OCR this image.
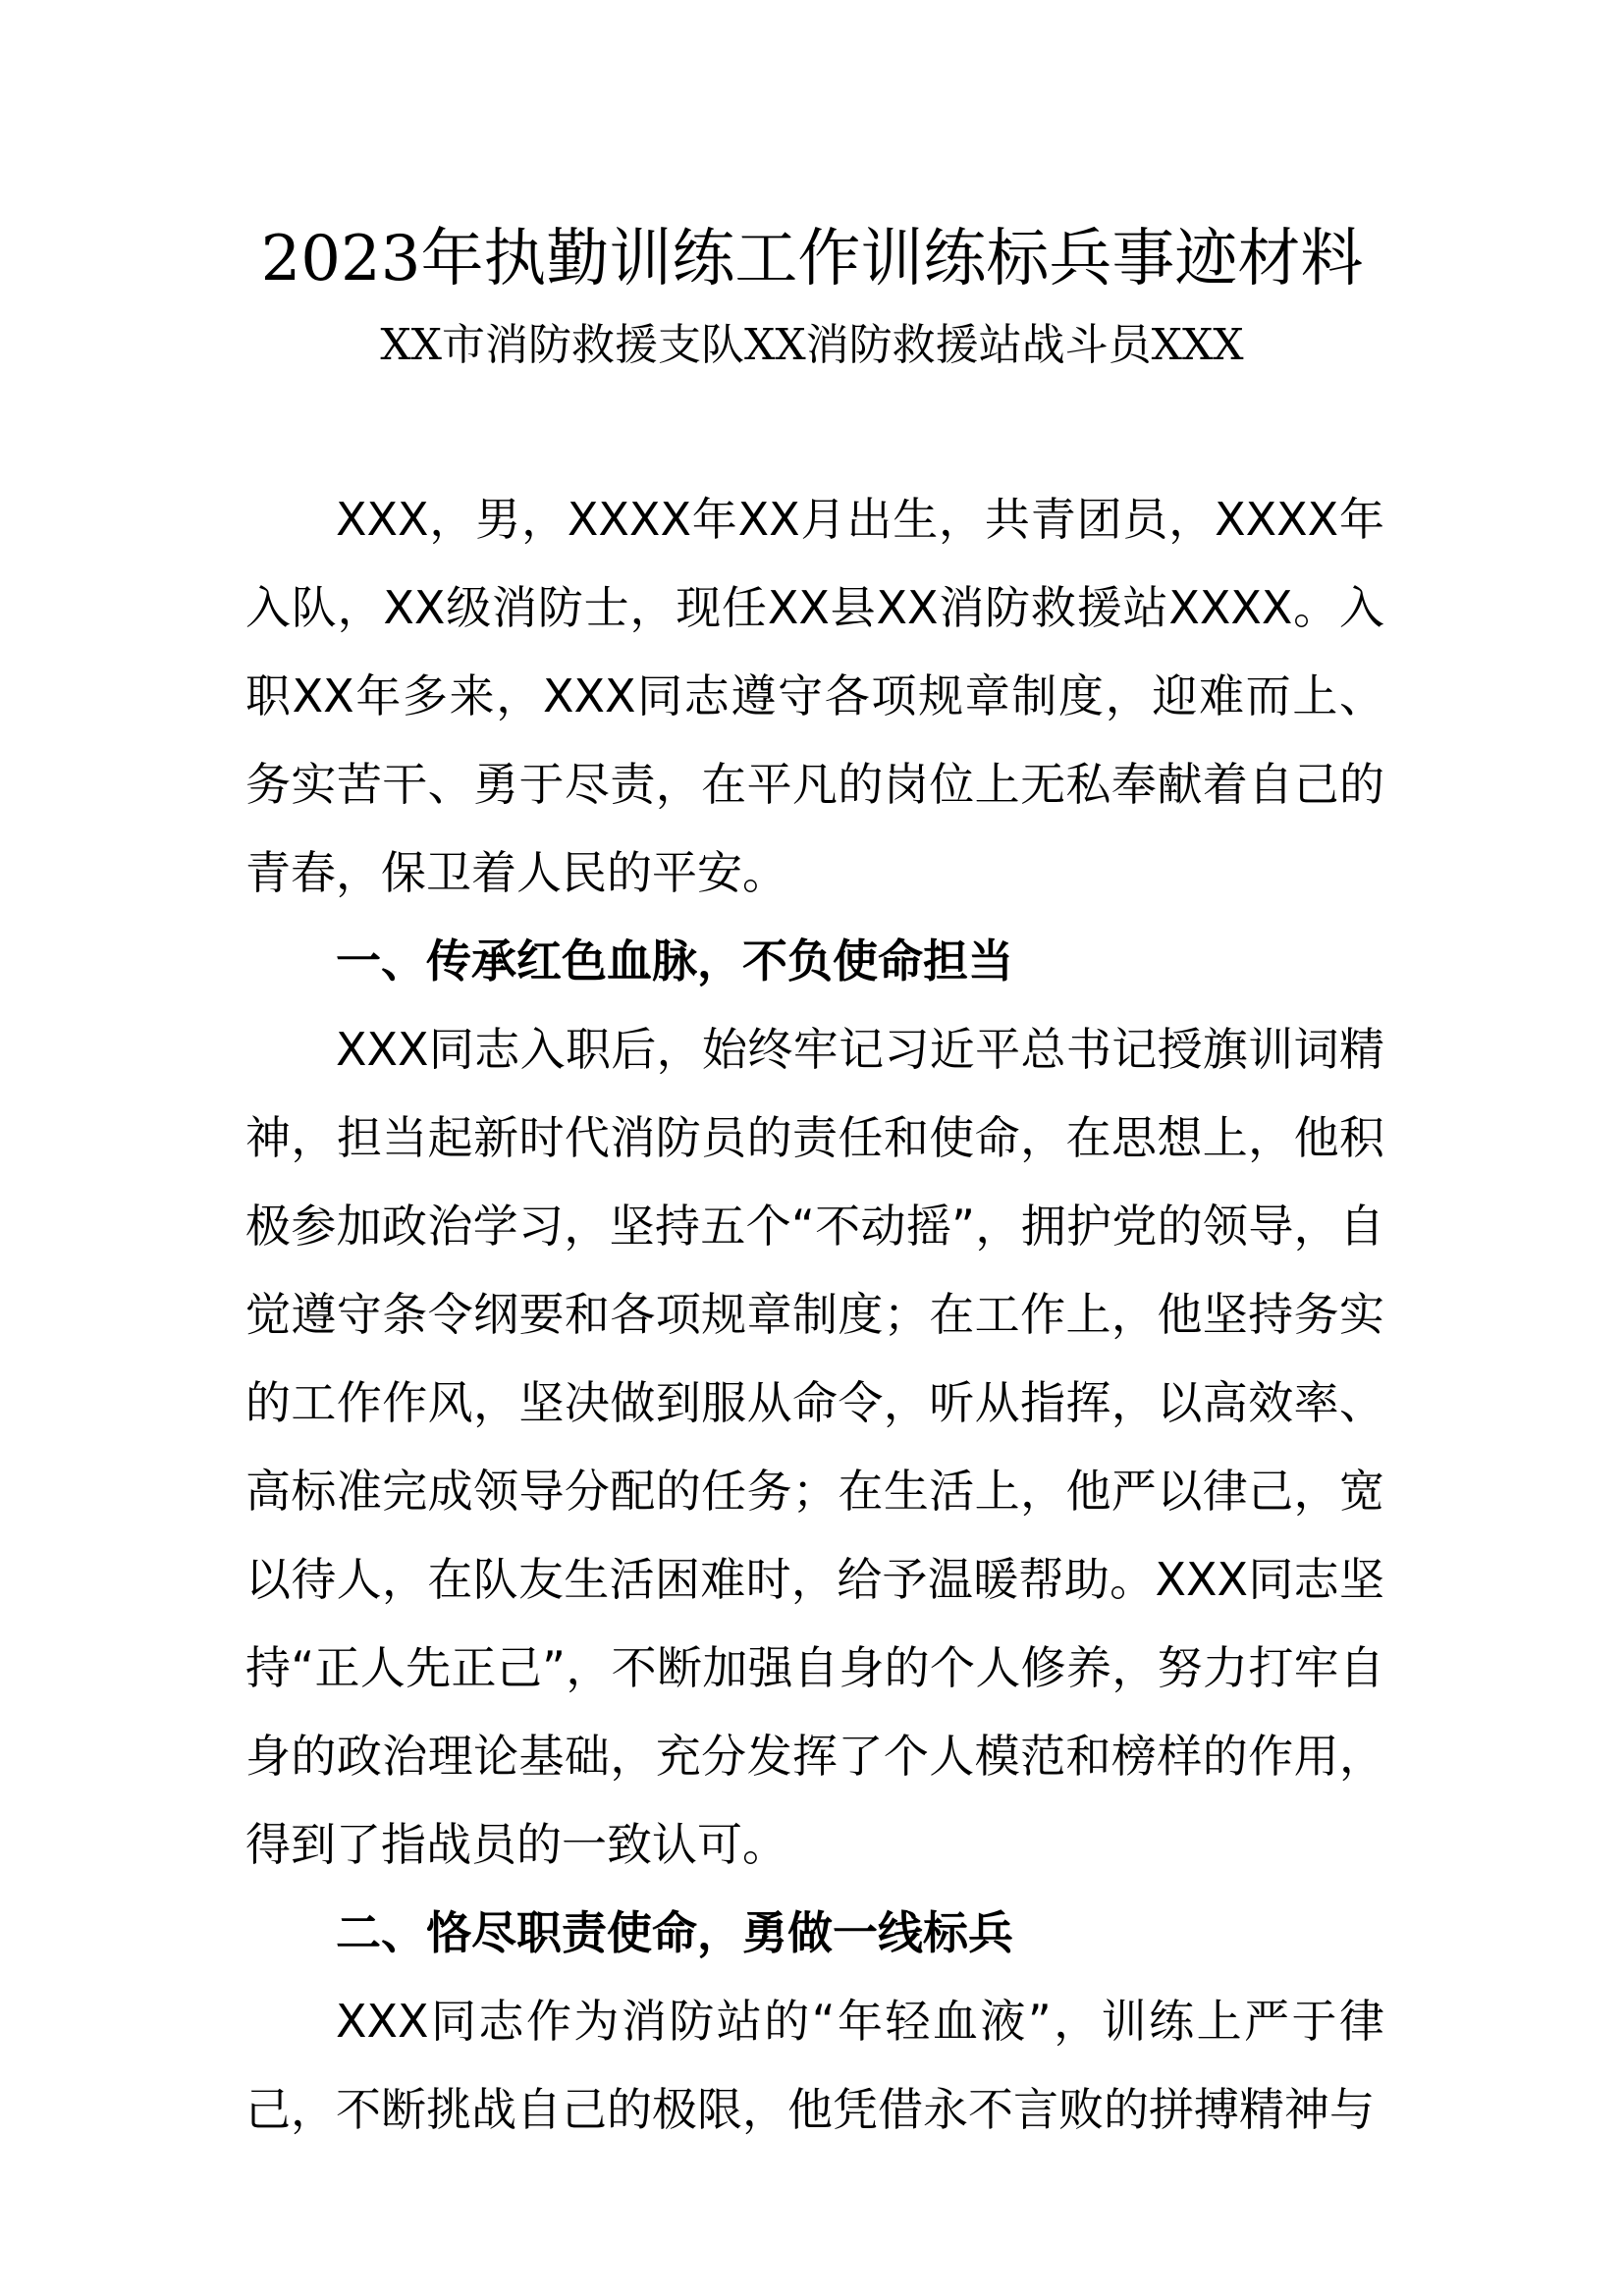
2023年执勤训练工作训练标兵事迹材料

XX市消防救援支队XX消防救援站战斗员XXX

XXX，男，XXXX年XX月出生，共青团员，XXXX年入队，XX级消防士，现任XX县XX消防救援站XXXX。入职XX年多来，XXX同志遵守各项规章制度，迎难而上、务实苦干、勇于尽责，在平凡的岗位上无私奉献着自己的青春，保卫着人民的平安。

一、传承红色血脉，不负使命担当

XXX同志入职后，始终牢记习近平总书记授旗训词精神，担当起新时代消防员的责任和使命，在思想上，他积极参加政治学习，坚持五个“不动摇”，拥护党的领导，自觉遵守条令纲要和各项规章制度；在工作上，他坚持务实的工作作风，坚决做到服从命令，听从指挥，以高效率、高标准完成领导分配的任务；在生活上，他严以律己，宽以待人，在队友生活困难时，给予温暖帮助。XXX同志坚持“正人先正己”，不断加强自身的个人修养，努力打牢自身的政治理论基础，充分发挥了个人模范和榜样的作用，得到了指战员的一致认可。

二、恪尽职责使命，勇做一线标兵

XXX同志作为消防站的“年轻血液”，训练上严于律己，不断挑战自己的极限，他凭借永不言败的拼搏精神与
